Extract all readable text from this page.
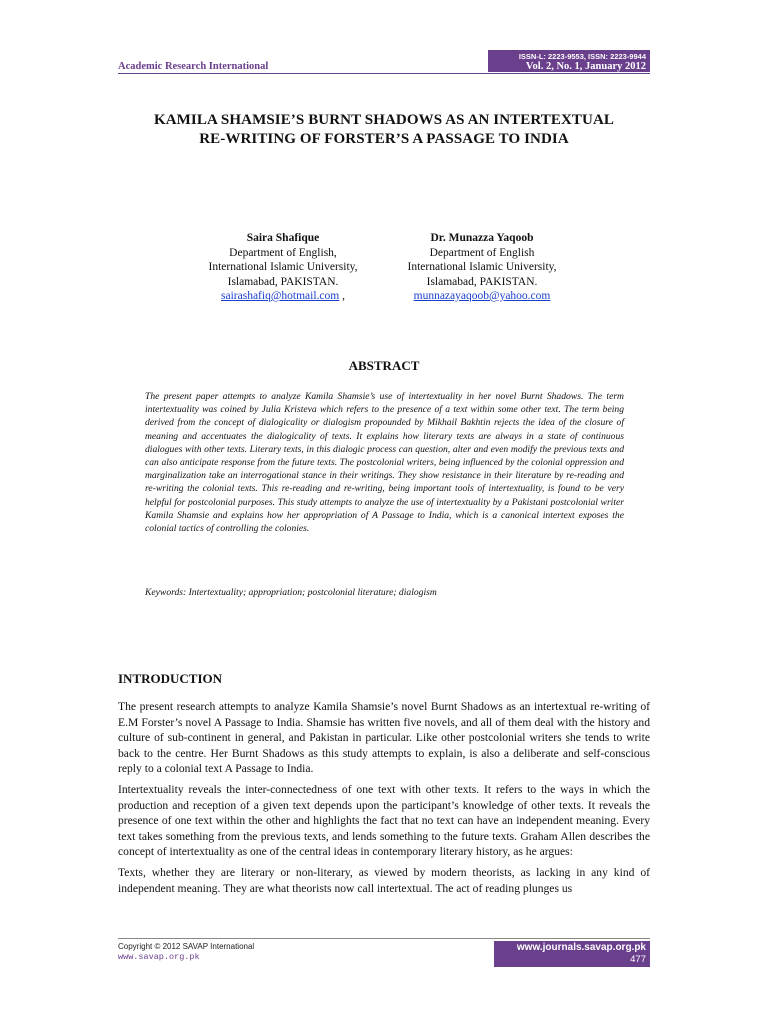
Academic Research International
ISSN-L: 2223-9553, ISSN: 2223-9944
Vol. 2, No. 1, January 2012
KAMILA SHAMSIE’S BURNT SHADOWS AS AN INTERTEXTUAL
RE-WRITING OF FORSTER’S A PASSAGE TO INDIA
Saira Shafique
Department of English,
International Islamic University,
Islamabad, PAKISTAN.
sairashafiq@hotmail.com ,
Dr. Munazza Yaqoob
Department of English
International Islamic University,
Islamabad, PAKISTAN.
munnazayaqoob@yahoo.com
ABSTRACT
The present paper attempts to analyze Kamila Shamsie’s use of intertextuality in her novel Burnt Shadows. The term intertextuality was coined by Julia Kristeva which refers to the presence of a text within some other text. The term being derived from the concept of dialogicality or dialogism propounded by Mikhail Bakhtin rejects the idea of the closure of meaning and accentuates the dialogicality of texts. It explains how literary texts are always in a state of continuous dialogues with other texts. Literary texts, in this dialogic process can question, alter and even modify the previous texts and can also anticipate response from the future texts. The postcolonial writers, being influenced by the colonial oppression and marginalization take an interrogational stance in their writings. They show resistance in their literature by re-reading and re-writing the colonial texts. This re-reading and re-writing, being important tools of intertextuality, is found to be very helpful for postcolonial purposes. This study attempts to analyze the use of intertextuality by a Pakistani postcolonial writer Kamila Shamsie and explains how her appropriation of A Passage to India, which is a canonical intertext exposes the colonial tactics of controlling the colonies.
Keywords: Intertextuality; appropriation; postcolonial literature; dialogism
INTRODUCTION

The present research attempts to analyze Kamila Shamsie’s novel Burnt Shadows as an intertextual re-writing of E.M Forster’s novel A Passage to India. Shamsie has written five novels, and all of them deal with the history and culture of sub-continent in general, and Pakistan in particular. Like other postcolonial writers she tends to write back to the centre. Her Burnt Shadows as this study attempts to explain, is also a deliberate and self-conscious reply to a colonial text A Passage to India.

Intertextuality reveals the inter-connectedness of one text with other texts. It refers to the ways in which the production and reception of a given text depends upon the participant’s knowledge of other texts. It reveals the presence of one text within the other and highlights the fact that no text can have an independent meaning. Every text takes something from the previous texts, and lends something to the future texts. Graham Allen describes the concept of intertextuality as one of the central ideas in contemporary literary history, as he argues:

Texts, whether they are literary or non-literary, as viewed by modern theorists, as lacking in any kind of independent meaning. They are what theorists now call intertextual. The act of reading plunges us

Copyright © 2012 SAVAP International
www.savap.org.pk
www.journals.savap.org.pk
477
